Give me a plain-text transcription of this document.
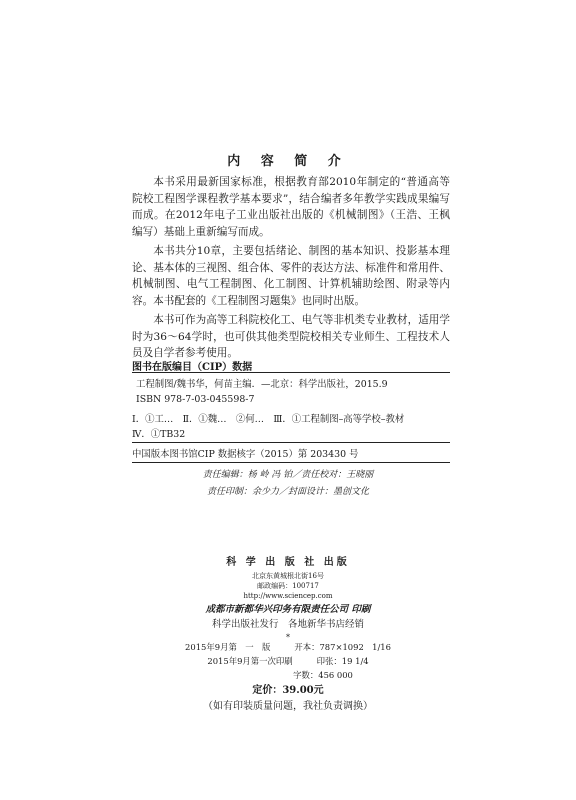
内 容 简 介

本书采用最新国家标准，根据教育部2010年制定的“普通高等院校工程图学课程教学基本要求”，结合编者多年教学实践成果编写而成。在2012年电子工业出版社出版的《机械制图》（王浩、王枫编写）基础上重新编写而成。

本书共分10章，主要包括绪论、制图的基本知识、投影基本理论、基本体的三视图、组合体、零件的表达方法、标准件和常用件、机械制图、电气工程制图、化工制图、计算机辅助绘图、附录等内容。本书配套的《工程制图习题集》也同时出版。

本书可作为高等工科院校化工、电气等非机类专业教材，适用学时为36～64学时，也可供其他类型院校相关专业师生、工程技术人员及自学者参考使用。

图书在版编目（CIP）数据
工程制图/魏书华，何苗主编．—北京：科学出版社，2015.9
ISBN 978-7-03-045598-7
Ⅰ．①工…　Ⅱ．①魏…　②何…　Ⅲ．①工程制图–高等学校–教材
Ⅳ．①TB32
中国版本图书馆CIP 数据核字（2015）第 203430 号
责任编辑：杨 岭 冯 铂／责任校对：王晓丽
责任印制：余少力／封面设计：墨创文化
科 学 出 版 社 出版
北京东黄城根北街16号
邮政编码：100717
http://www.sciencep.com
成都市新都华兴印务有限责任公司 印刷
科学出版社发行　各地新华书店经销
*
2015年9月第　一　版	开本：787×1092　1/16
2015年9月第一次印刷	印张：19 1/4
字数：456 000
定价：39.00元
（如有印装质量问题，我社负责调换）
